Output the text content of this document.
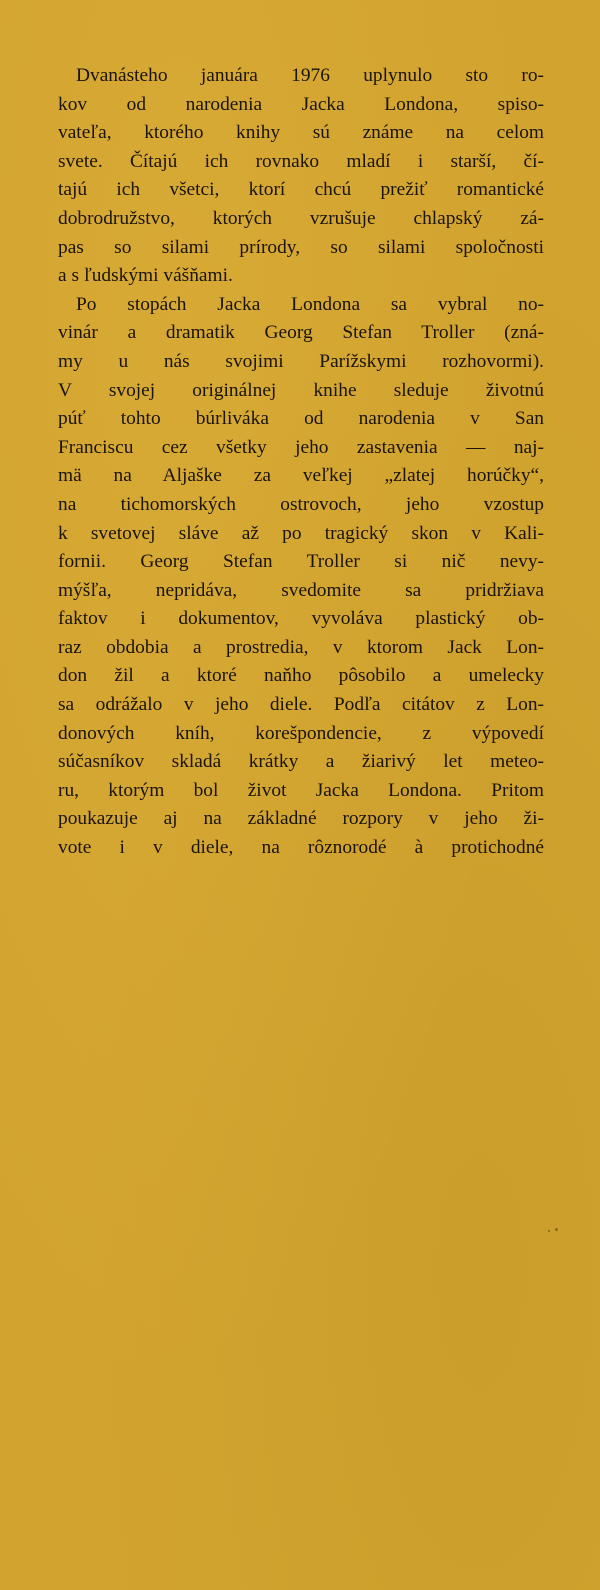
Dvanásteho januára 1976 uplynulo sto ro-
kov od narodenia Jacka Londona, spiso-
vateľa, ktorého knihy sú známe na celom
svete. Čítajú ich rovnako mladí i starší, čí-
tajú ich všetci, ktorí chcú prežiť romantické
dobrodružstvo, ktorých vzrušuje chlapský zá-
pas so silami prírody, so silami spoločnosti
a s ľudskými vášňami.
Po stopách Jacka Londona sa vybral no-
vinár a dramatik Georg Stefan Troller (zná-
my u nás svojimi Parížskymi rozhovormi).
V svojej originálnej knihe sleduje životnú
púť tohto búrliváka od narodenia v San
Franciscu cez všetky jeho zastavenia — naj-
mä na Aljaške za veľkej „zlatej horúčky“,
na tichomorských ostrovoch, jeho vzostup
k svetovej sláve až po tragický skon v Kali-
fornii. Georg Stefan Troller si nič nevy-
mýšľa, nepridáva, svedomite sa pridržiava
faktov i dokumentov, vyvoláva plastický ob-
raz obdobia a prostredia, v ktorom Jack Lon-
don žil a ktoré naňho pôsobilo a umelecky
sa odrážalo v jeho diele. Podľa citátov z Lon-
donových kníh, korešpondencie, z výpovedí
súčasníkov skladá krátky a žiarivý let meteo-
ru, ktorým bol život Jacka Londona. Pritom
poukazuje aj na základné rozpory v jeho ži-
vote i v diele, na rôznorodé à protichodné
